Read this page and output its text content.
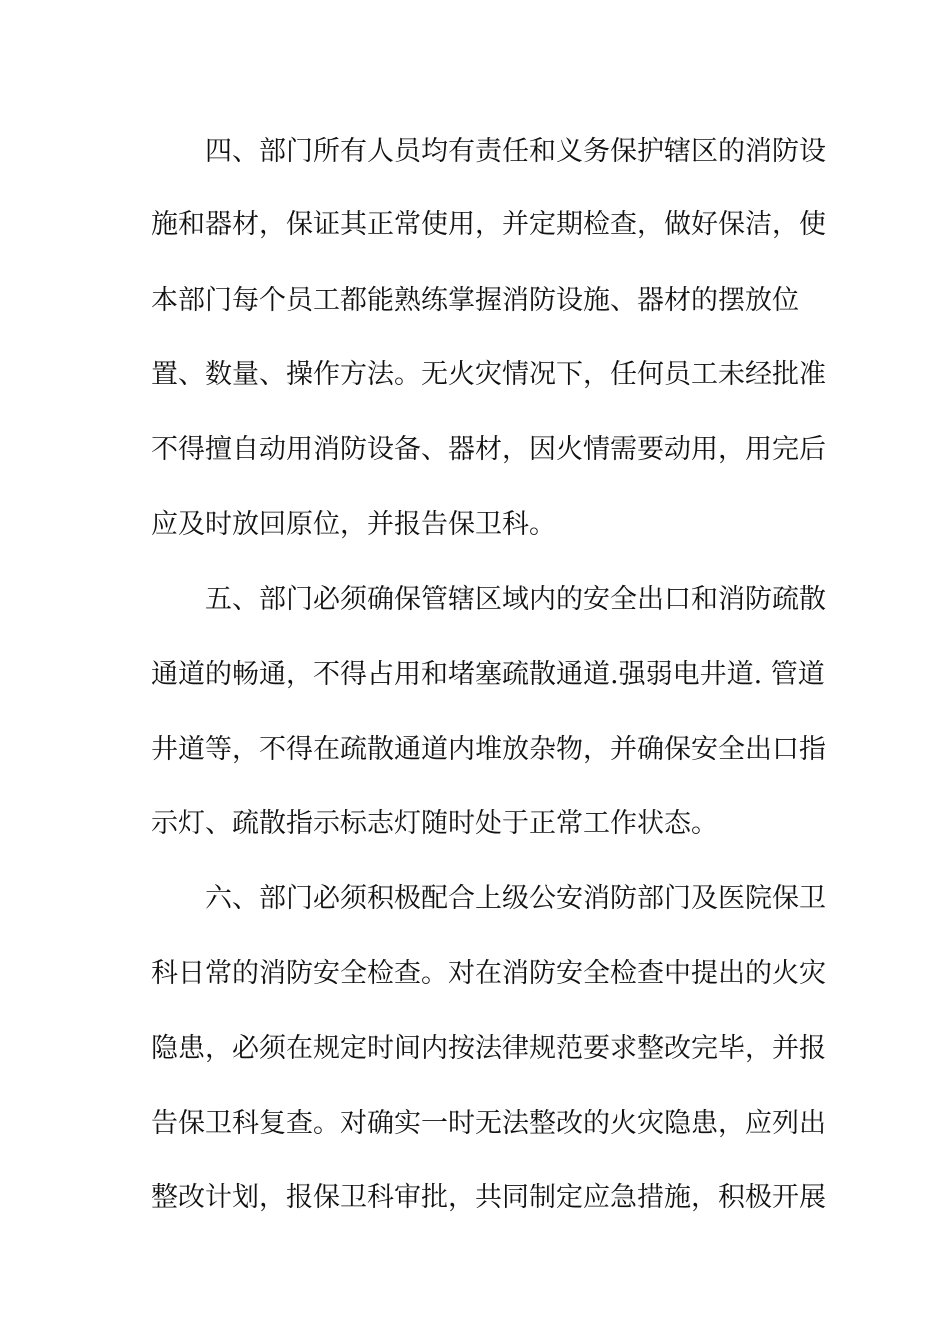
四、部门所有人员均有责任和义务保护辖区的消防设
施和器材，保证其正常使用，并定期检查，做好保洁，使
本部门每个员工都能熟练掌握消防设施、器材的摆放位
置、数量、操作方法。无火灾情况下，任何员工未经批准
不得擅自动用消防设备、器材，因火情需要动用，用完后
应及时放回原位，并报告保卫科。
五、部门必须确保管辖区域内的安全出口和消防疏散
通道的畅通，不得占用和堵塞疏散通道.强弱电井道. 管道
井道等，不得在疏散通道内堆放杂物，并确保安全出口指
示灯、疏散指示标志灯随时处于正常工作状态。
六、部门必须积极配合上级公安消防部门及医院保卫
科日常的消防安全检查。对在消防安全检查中提出的火灾
隐患，必须在规定时间内按法律规范要求整改完毕，并报
告保卫科复查。对确实一时无法整改的火灾隐患，应列出
整改计划，报保卫科审批，共同制定应急措施，积极开展
